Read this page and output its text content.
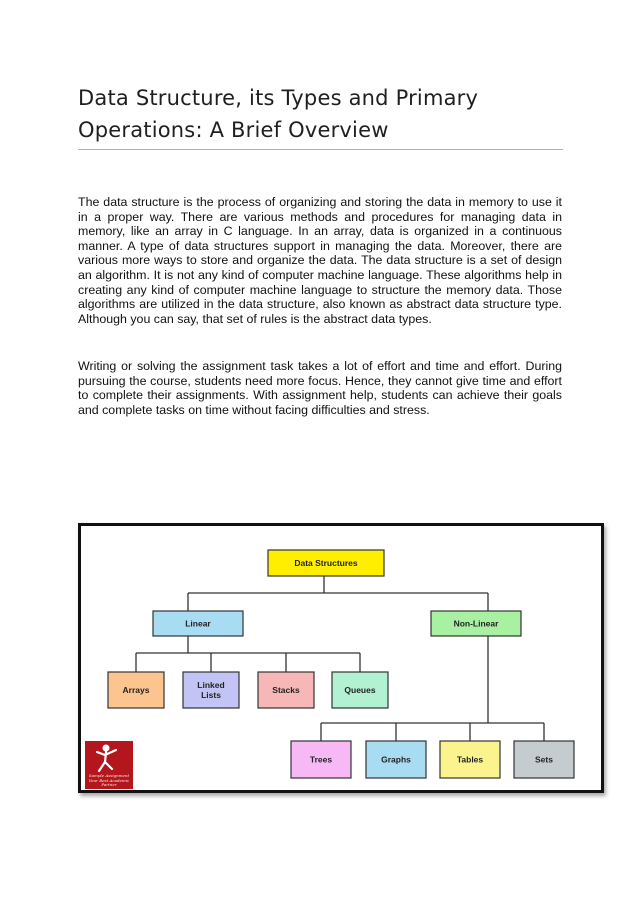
Data Structure, its Types and Primary Operations: A Brief Overview

The data structure is the process of organizing and storing the data in memory to use it in a proper way. There are various methods and procedures for managing data in memory, like an array in C language. In an array, data is organized in a continuous manner. A type of data structures support in managing the data. Moreover, there are various more ways to store and organize the data. The data structure is a set of design an algorithm. It is not any kind of computer machine language. These algorithms help in creating any kind of computer machine language to structure the memory data. Those algorithms are utilized in the data structure, also known as abstract data structure type. Although you can say, that set of rules is the abstract data types.

Writing or solving the assignment task takes a lot of effort and time and effort. During pursuing the course, students need more focus. Hence, they cannot give time and effort to complete their assignments. With assignment help, students can achieve their goals and complete tasks on time without facing difficulties and stress.

Data Structures
Linear	Non-Linear
Arrays	Linked
Lists	Stacks	Queues
Trees	Graphs	Tables	Sets
Sample Assignment Your Best Academic Partner
